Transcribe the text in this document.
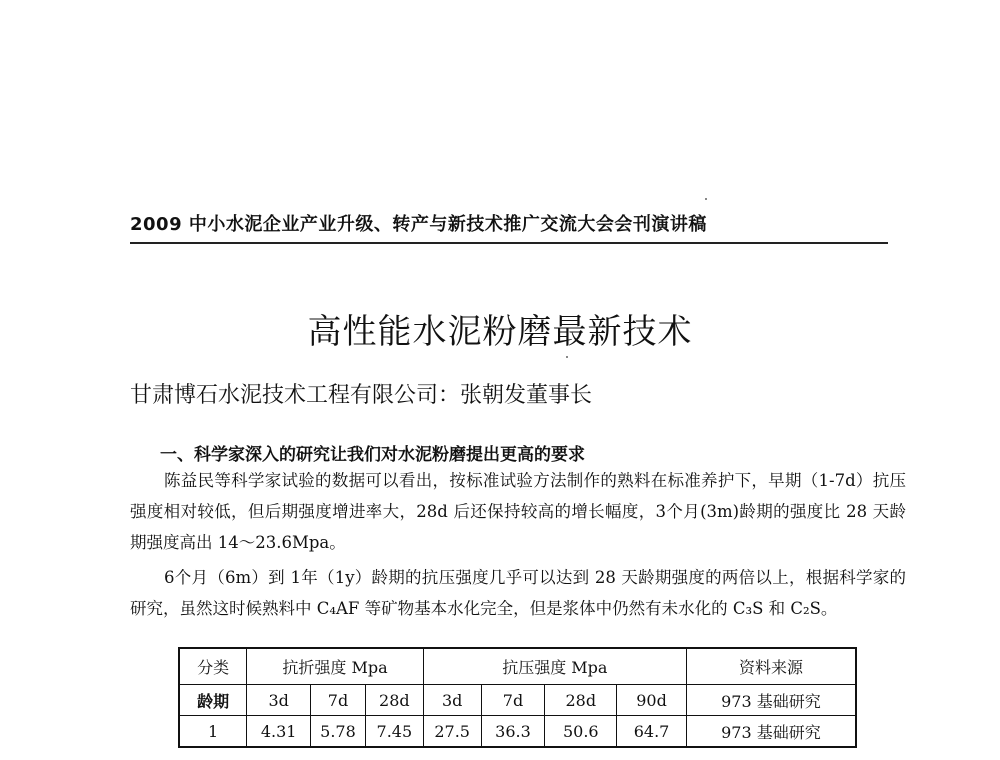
2009 中小水泥企业产业升级、转产与新技术推广交流大会会刊演讲稿
高性能水泥粉磨最新技术
甘肃博石水泥技术工程有限公司：张朝发董事长
一、科学家深入的研究让我们对水泥粉磨提出更高的要求

陈益民等科学家试验的数据可以看出，按标准试验方法制作的熟料在标准养护下，早期（1-7d）抗压强度相对较低，但后期强度增进率大，28d 后还保持较高的增长幅度，3个月(3m)龄期的强度比 28 天龄期强度高出 14～23.6Mpa。

6个月（6m）到 1年（1y）龄期的抗压强度几乎可以达到 28 天龄期强度的两倍以上，根据科学家的研究，虽然这时候熟料中 C₄AF 等矿物基本水化完全，但是浆体中仍然有未水化的 C₃S 和 C₂S。

分类	抗折强度 Mpa			抗压强度 Mpa				资料来源
龄期	3d	7d	28d	3d	7d	28d	90d	973 基础研究
1	4.31	5.78	7.45	27.5	36.3	50.6	64.7	973 基础研究
